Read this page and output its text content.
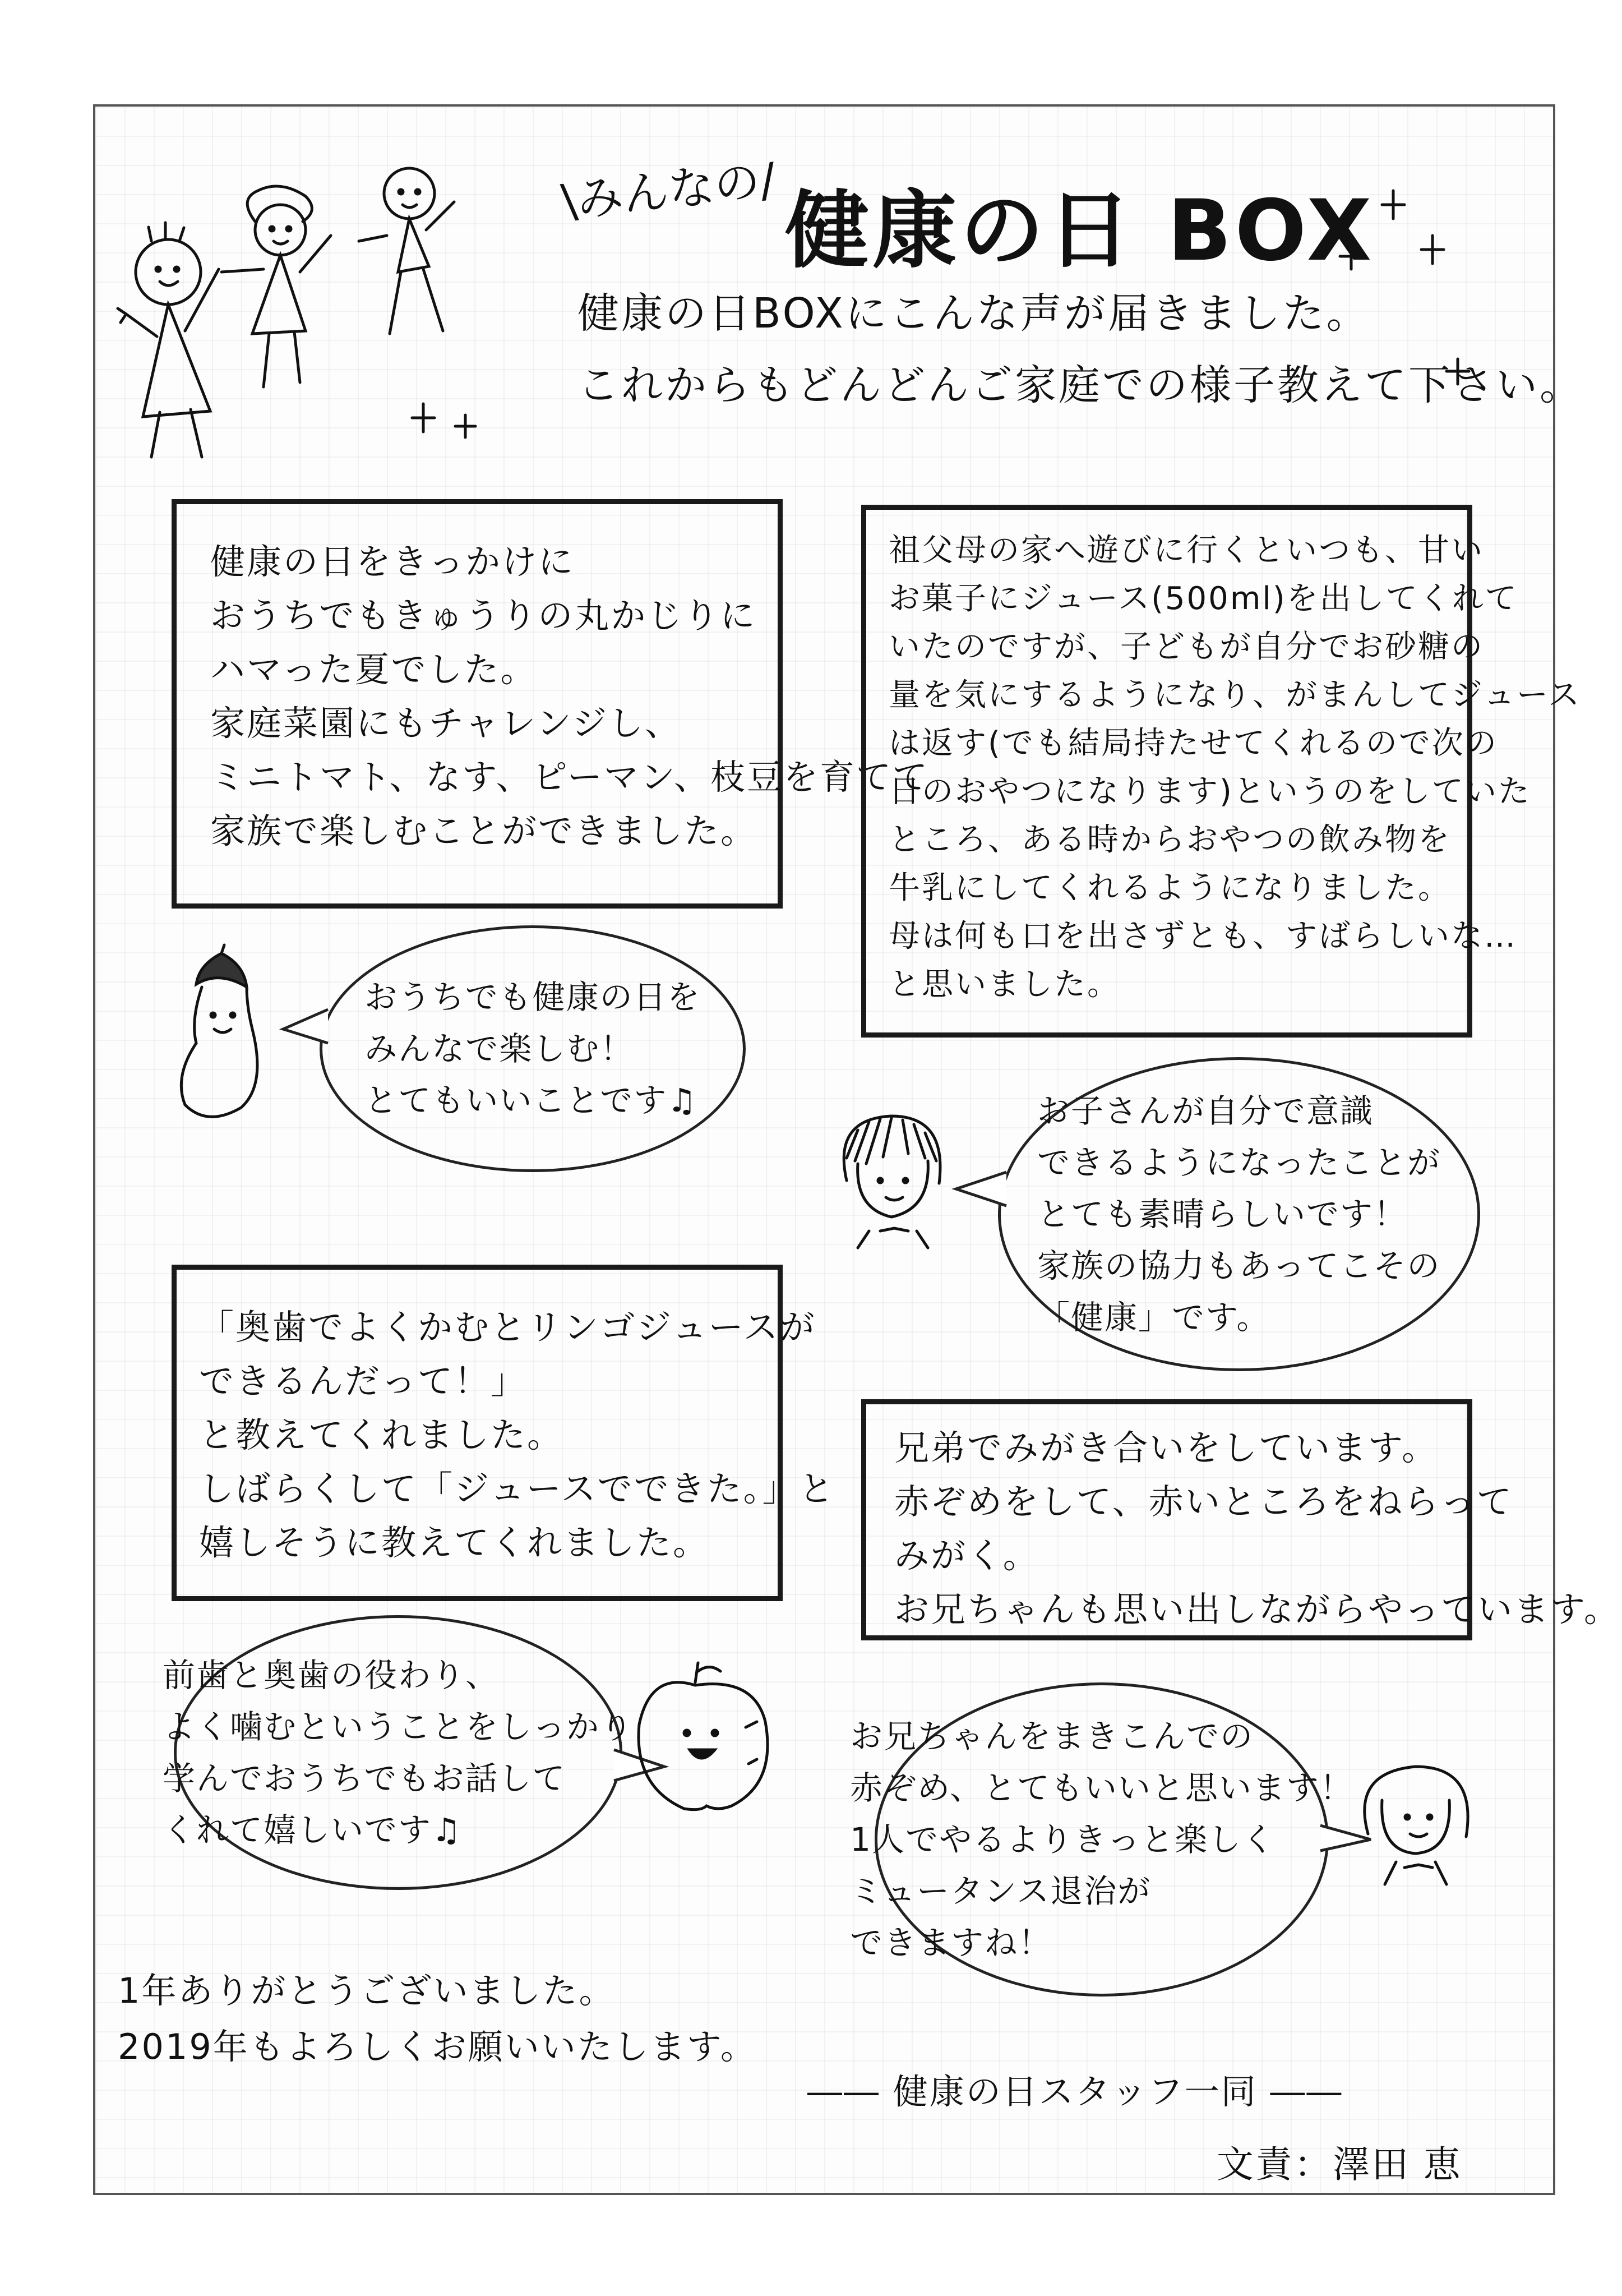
\みんなの/ 健康の日 BOX
健康の日BOXにこんな声が届きました。
これからもどんどんご家庭での様子教えて下さい。
健康の日をきっかけに
おうちでもきゅうりの丸かじりに
ハマった夏でした。
家庭菜園にもチャレンジし、
ミニトマト、なす、ピーマン、枝豆を育てて
家族で楽しむことができました。
おうちでも健康の日を
みんなで楽しむ！
とてもいいことです♫
祖父母の家へ遊びに行くといつも、甘い
お菓子にジュース(500ml)を出してくれて
いたのですが、子どもが自分でお砂糖の
量を気にするようになり、がまんしてジュース
は返す(でも結局持たせてくれるので次の
日のおやつになります)というのをしていた
ところ、ある時からおやつの飲み物を
牛乳にしてくれるようになりました。
母は何も口を出さずとも、すばらしいな…
と思いました。
お子さんが自分で意識
できるようになったことが
とても素晴らしいです！
家族の協力もあってこその
「健康」です。
「奥歯でよくかむとリンゴジュースが
できるんだって！」
と教えてくれました。
しばらくして「ジュースでできた。」と
嬉しそうに教えてくれました。
前歯と奥歯の役わり、
よく噛むということをしっかり
学んでおうちでもお話して
くれて嬉しいです♫
兄弟でみがき合いをしています。
赤ぞめをして、赤いところをねらって
みがく。
お兄ちゃんも思い出しながらやっています。
お兄ちゃんをまきこんでの
赤ぞめ、とてもいいと思います！
1人でやるよりきっと楽しく
ミュータンス退治が
できますね！
1年ありがとうございました。
2019年もよろしくお願いいたします。
―― 健康の日スタッフ一同 ――
文責：澤田 恵
